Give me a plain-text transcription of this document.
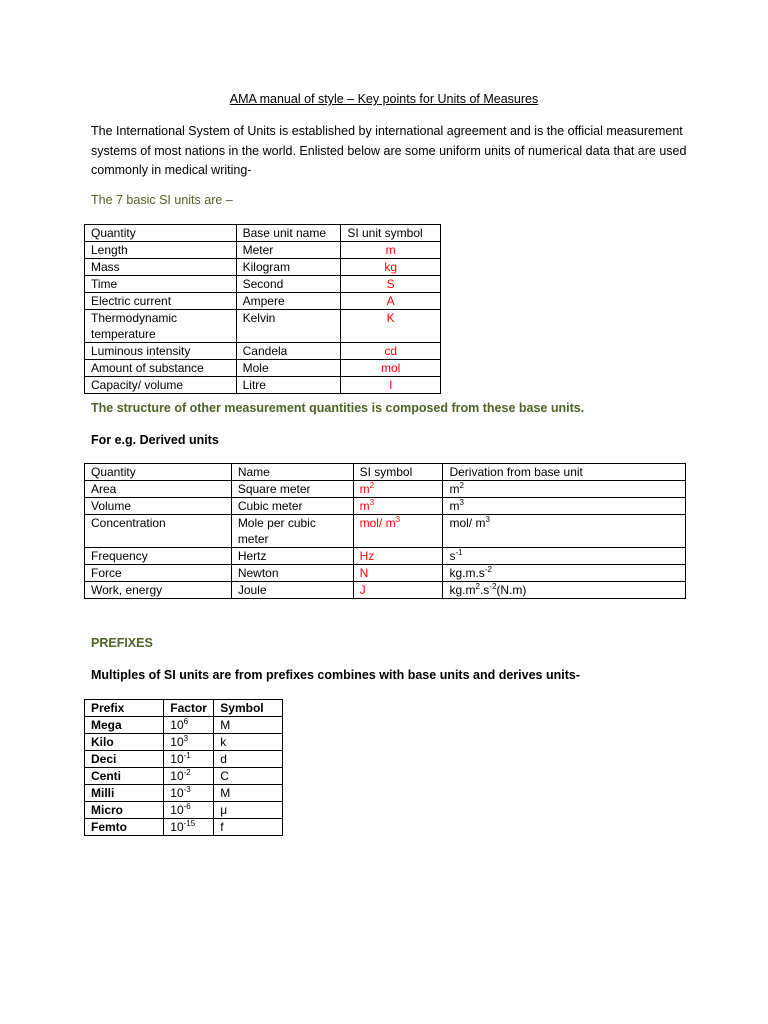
AMA manual of style – Key points for Units of Measures
The International System of Units is established by international agreement and is the official measurement systems of most nations in the world. Enlisted below are some uniform units of numerical data that are used commonly in medical writing-
The 7 basic SI units are –
Quantity	Base unit name	SI unit symbol
Length	Meter	m
Mass	Kilogram	kg
Time	Second	S
Electric current	Ampere	A
Thermodynamic temperature	Kelvin	K
Luminous intensity	Candela	cd
Amount of substance	Mole	mol
Capacity/ volume	Litre	l
The structure of other measurement quantities is composed from these base units.
For e.g. Derived units
Quantity	Name	SI symbol	Derivation from base unit
Area	Square meter	$m^2$	$m^2$
Volume	Cubic meter	$m^3$	$m^3$
Concentration	Mole per cubic meter	mol/ $m^3$	mol/ $m^3$
Frequency	Hertz	Hz	$s^{-1}$
Force	Newton	N	$kg.m.s^{-2}$
Work, energy	Joule	J	$kg.m^2.s^{-2}(N.m)$
PREFIXES
Multiples of SI units are from prefixes combines with base units and derives units-
Prefix	Factor	Symbol
Mega	$10^6$	M
Kilo	$10^3$	k
Deci	$10^{-1}$	d
Centi	$10^{-2}$	C
Milli	$10^{-3}$	M
Micro	$10^{-6}$	μ
Femto	$10^{-15}$	f
